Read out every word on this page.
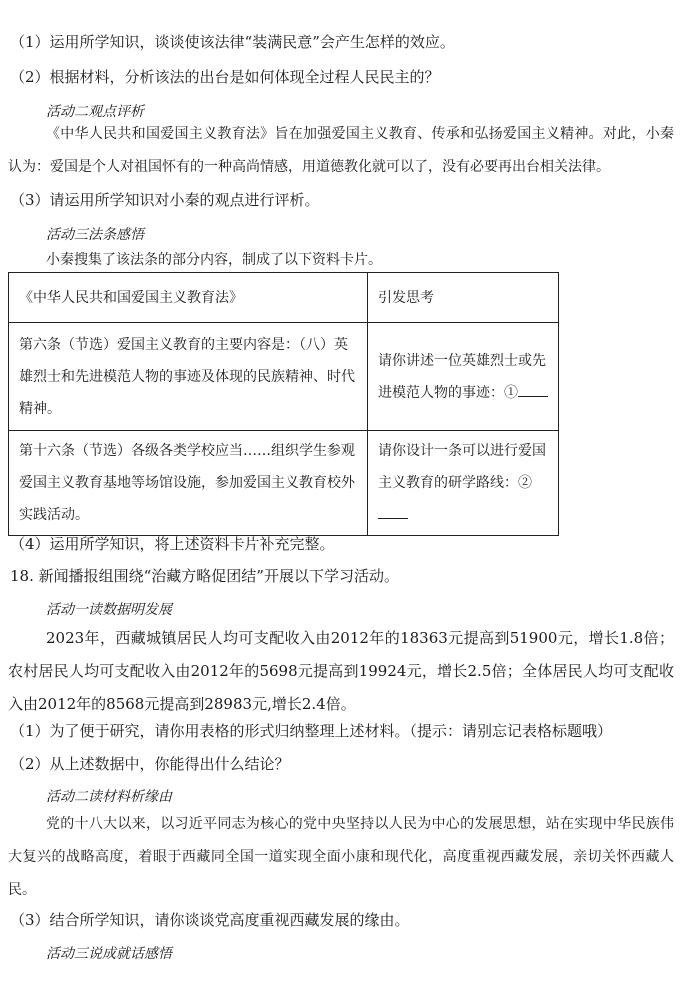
（1）运用所学知识，谈谈使该法律“装满民意”会产生怎样的效应。
（2）根据材料，分析该法的出台是如何体现全过程人民民主的？
活动二观点评析
《中华人民共和国爱国主义教育法》旨在加强爱国主义教育、传承和弘扬爱国主义精神。对此，小秦认为：爱国是个人对祖国怀有的一种高尚情感，用道德教化就可以了，没有必要再出台相关法律。
（3）请运用所学知识对小秦的观点进行评析。
活动三法条感悟
小秦搜集了该法条的部分内容，制成了以下资料卡片。
《中华人民共和国爱国主义教育法》	引发思考
第六条（节选）爱国主义教育的主要内容是：（八）英雄烈士和先进模范人物的事迹及体现的民族精神、时代精神。	请你讲述一位英雄烈士或先进模范人物的事迹：①
第十六条（节选）各级各类学校应当……组织学生参观爱国主义教育基地等场馆设施，参加爱国主义教育校外实践活动。	请你设计一条可以进行爱国主义教育的研学路线：②
（4）运用所学知识，将上述资料卡片补充完整。
18. 新闻播报组围绕“治藏方略促团结”开展以下学习活动。
活动一读数据明发展
2023年，西藏城镇居民人均可支配收入由2012年的18363元提高到51900元，增长1.8倍；农村居民人均可支配收入由2012年的5698元提高到19924元，增长2.5倍；全体居民人均可支配收入由2012年的8568元提高到28983元,增长2.4倍。
（1）为了便于研究，请你用表格的形式归纳整理上述材料。（提示：请别忘记表格标题哦）
（2）从上述数据中，你能得出什么结论？
活动二读材料析缘由
党的十八大以来，以习近平同志为核心的党中央坚持以人民为中心的发展思想，站在实现中华民族伟大复兴的战略高度，着眼于西藏同全国一道实现全面小康和现代化，高度重视西藏发展，亲切关怀西藏人民。
（3）结合所学知识，请你谈谈党高度重视西藏发展的缘由。
活动三说成就话感悟
